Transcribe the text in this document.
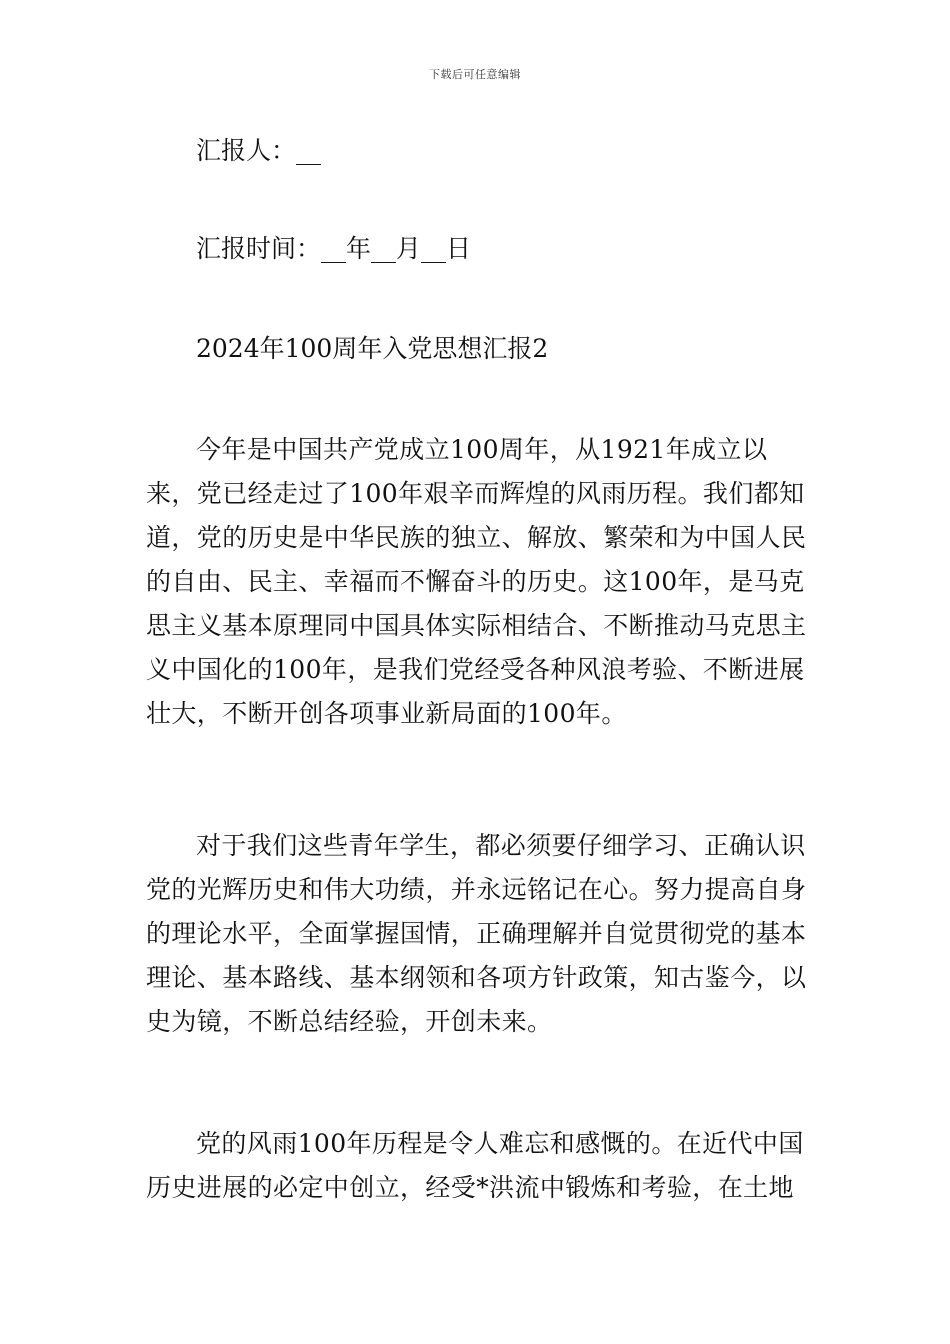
下载后可任意编辑
汇报人：__
汇报时间：__年__月__日
2024年100周年入党思想汇报2

今年是中国共产党成立100周年，从1921年成立以来，党已经走过了100年艰辛而辉煌的风雨历程。我们都知道，党的历史是中华民族的独立、解放、繁荣和为中国人民的自由、民主、幸福而不懈奋斗的历史。这100年，是马克思主义基本原理同中国具体实际相结合、不断推动马克思主义中国化的100年，是我们党经受各种风浪考验、不断进展壮大，不断开创各项事业新局面的100年。

对于我们这些青年学生，都必须要仔细学习、正确认识党的光辉历史和伟大功绩，并永远铭记在心。努力提高自身的理论水平，全面掌握国情，正确理解并自觉贯彻党的基本理论、基本路线、基本纲领和各项方针政策，知古鉴今，以史为镜，不断总结经验，开创未来。

党的风雨100年历程是令人难忘和感慨的。在近代中国历史进展的必定中创立，经受*洪流中锻炼和考验，在土地
